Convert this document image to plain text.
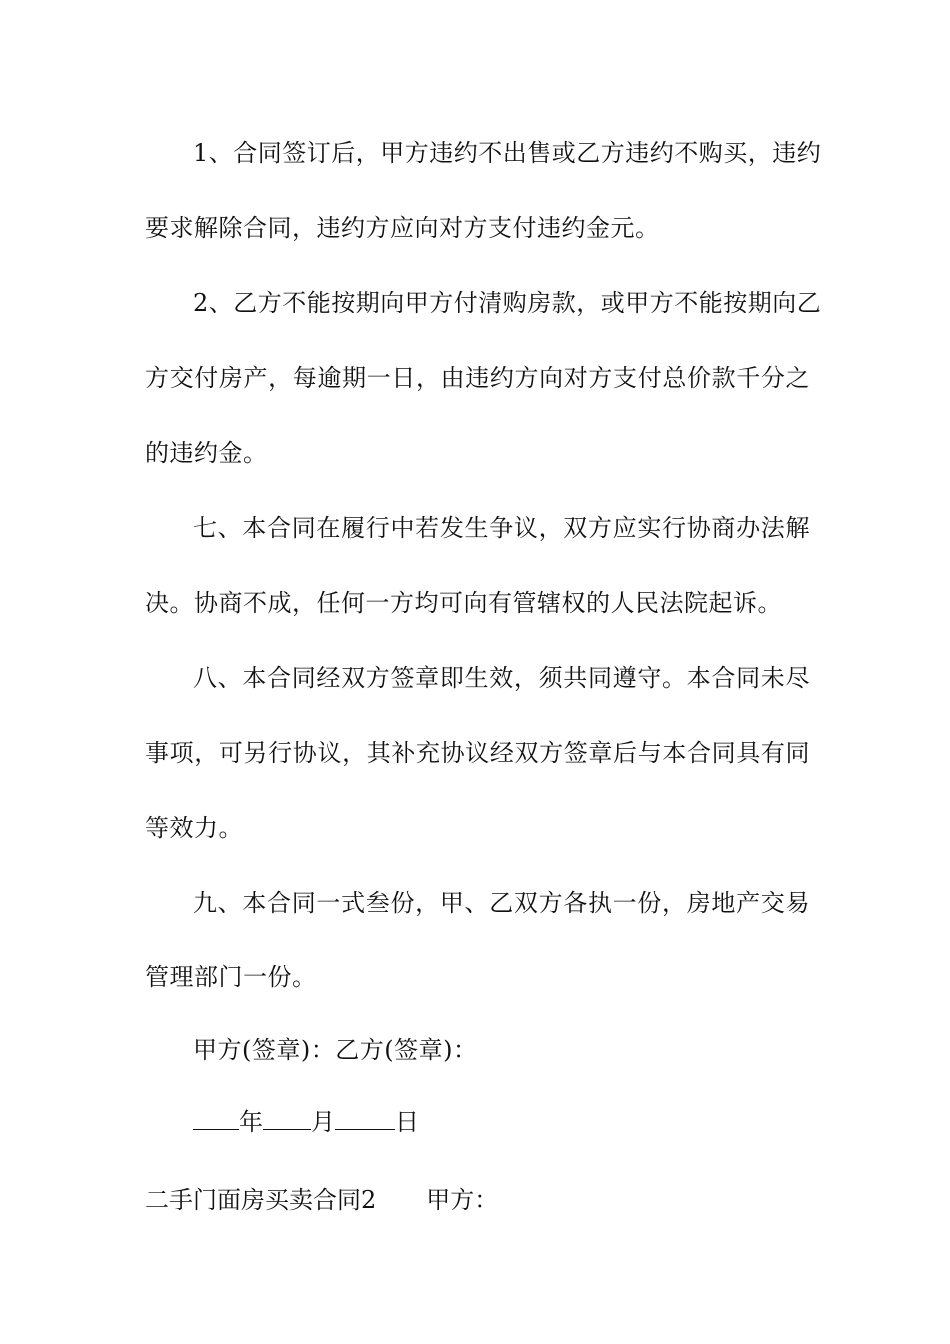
1、合同签订后，甲方违约不出售或乙方违约不购买，违约
要求解除合同，违约方应向对方支付违约金元。
2、乙方不能按期向甲方付清购房款，或甲方不能按期向乙
方交付房产，每逾期一日，由违约方向对方支付总价款千分之
的违约金。
七、本合同在履行中若发生争议，双方应实行协商办法解
决。协商不成，任何一方均可向有管辖权的人民法院起诉。
八、本合同经双方签章即生效，须共同遵守。本合同未尽
事项，可另行协议，其补充协议经双方签章后与本合同具有同
等效力。
九、本合同一式叁份，甲、乙双方各执一份，房地产交易
管理部门一份。
甲方(签章)：乙方(签章)：
年 月	日
二手门面房买卖合同2 甲方：
